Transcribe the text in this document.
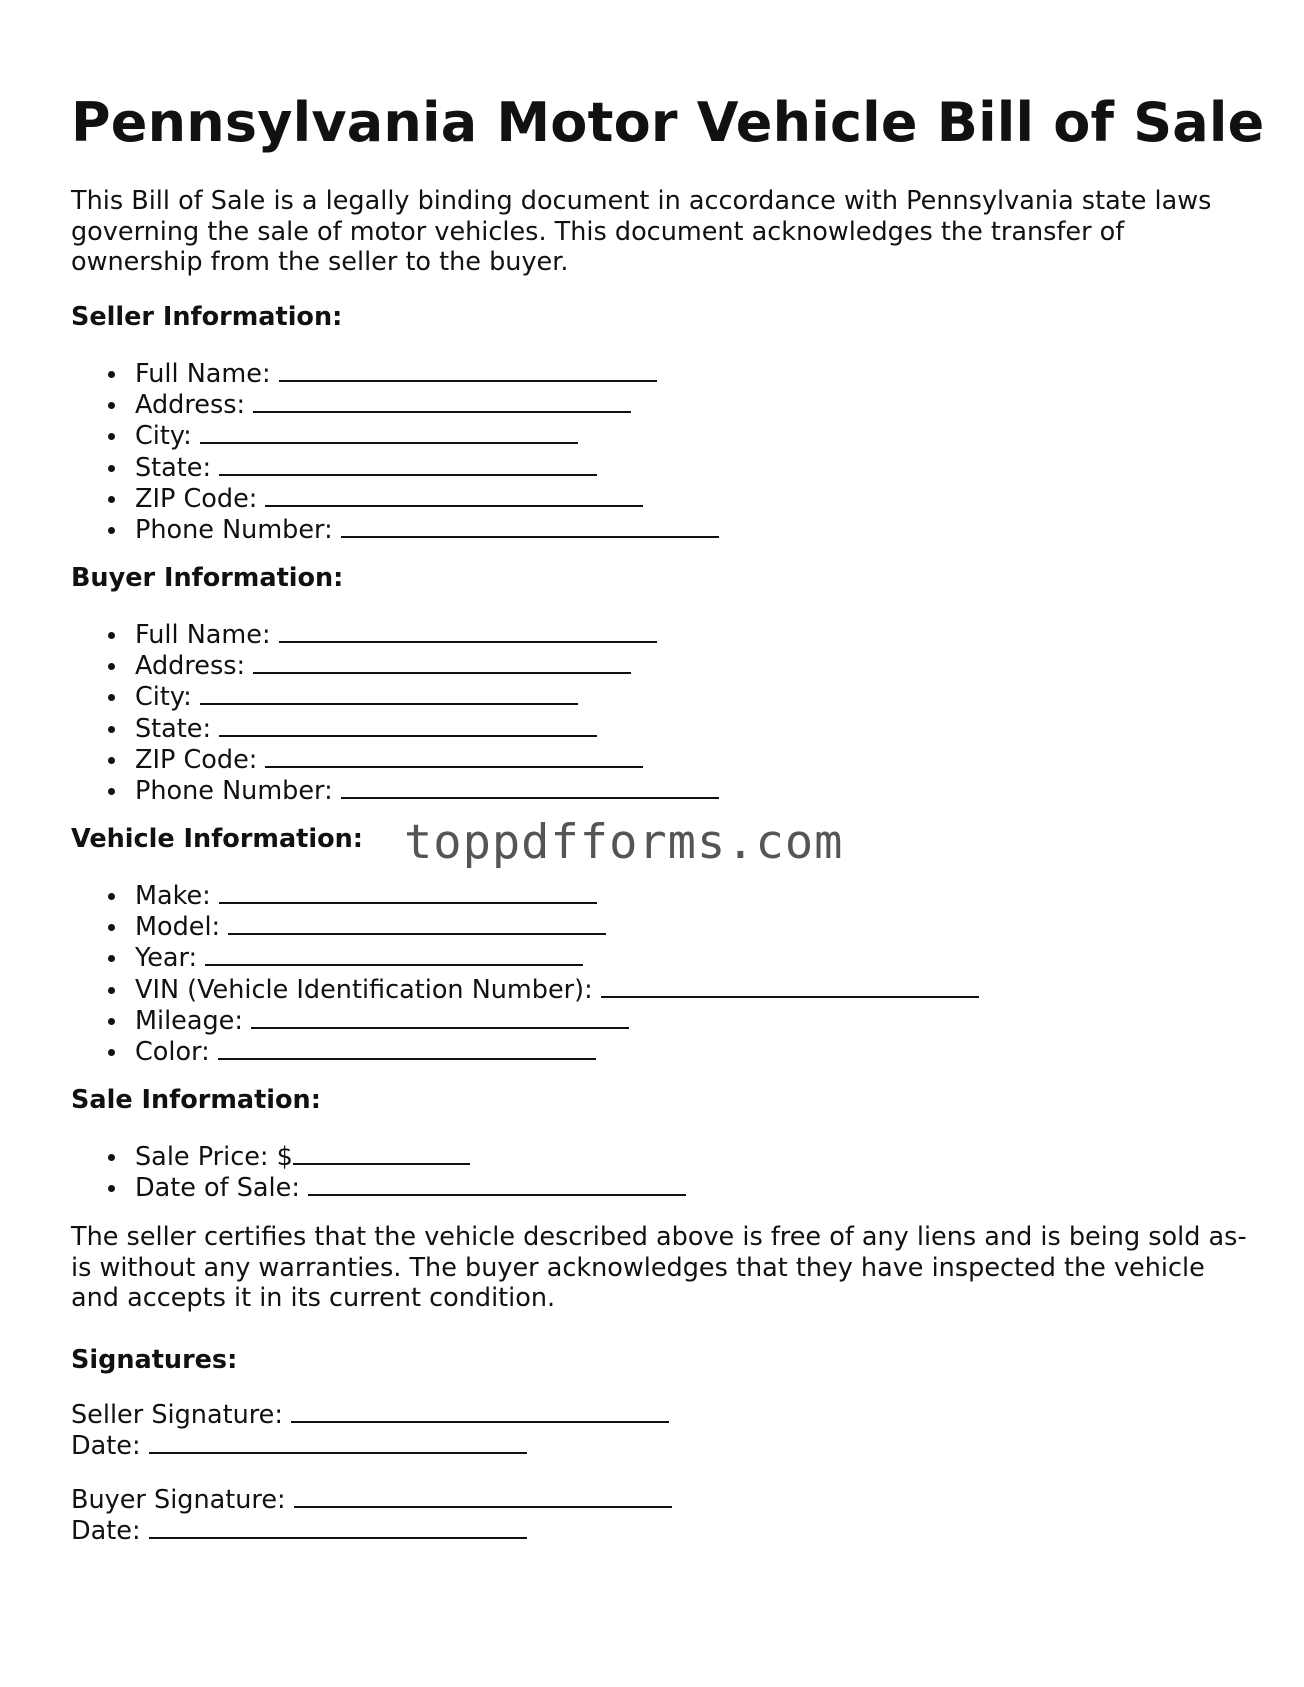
Pennsylvania Motor Vehicle Bill of Sale

This Bill of Sale is a legally binding document in accordance with Pennsylvania state laws governing the sale of motor vehicles. This document acknowledges the transfer of ownership from the seller to the buyer.

Seller Information:
Full Name:
Address:
City:
State:
ZIP Code:
Phone Number:
Buyer Information:
Full Name:
Address:
City:
State:
ZIP Code:
Phone Number:
Vehicle Information: toppdfforms.com
Make:
Model:
Year:
VIN (Vehicle Identification Number):
Mileage:
Color:
Sale Information:
Sale Price: $
Date of Sale:

The seller certifies that the vehicle described above is free of any liens and is being sold as-is without any warranties. The buyer acknowledges that they have inspected the vehicle and accepts it in its current condition.

Signatures:
Seller Signature:
Date:
Buyer Signature:
Date:
